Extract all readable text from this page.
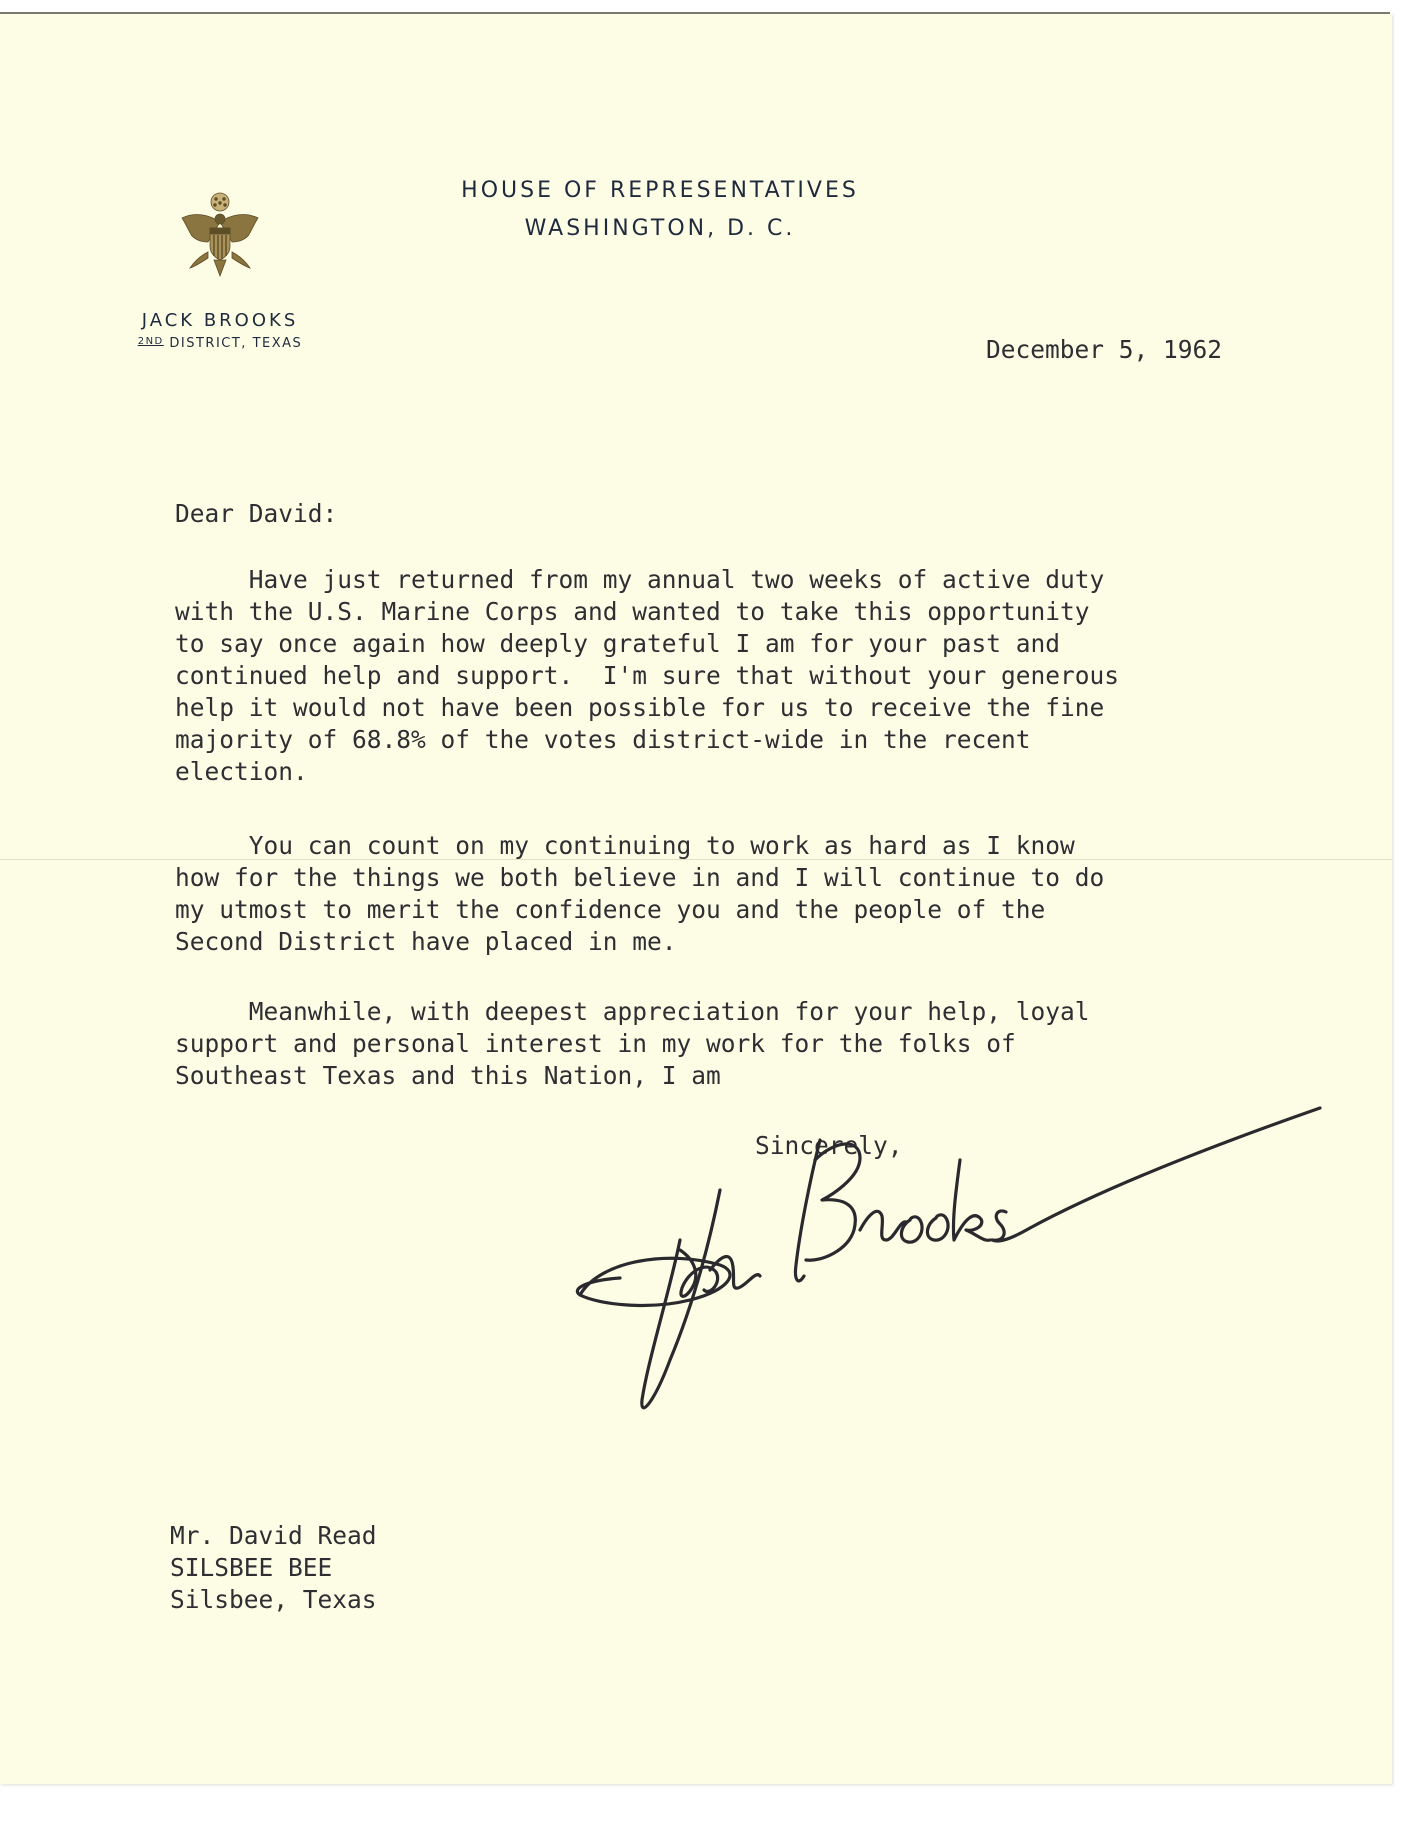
HOUSE OF REPRESENTATIVES
WASHINGTON, D. C.
JACK BROOKS
$^{2ND}$ DISTRICT, TEXAS	December 5, 1962
Dear David:
Have just returned from my annual two weeks of active duty
with the U.S. Marine Corps and wanted to take this opportunity
to say once again how deeply grateful I am for your past and
continued help and support.  I'm sure that without your generous
help it would not have been possible for us to receive the fine
majority of 68.8% of the votes district-wide in the recent
election.
You can count on my continuing to work as hard as I know
how for the things we both believe in and I will continue to do
my utmost to merit the confidence you and the people of the
Second District have placed in me.
Meanwhile, with deepest appreciation for your help, loyal
support and personal interest in my work for the folks of
Southeast Texas and this Nation, I am
Sincerely,
Mr. David Read
SILSBEE BEE
Silsbee, Texas
